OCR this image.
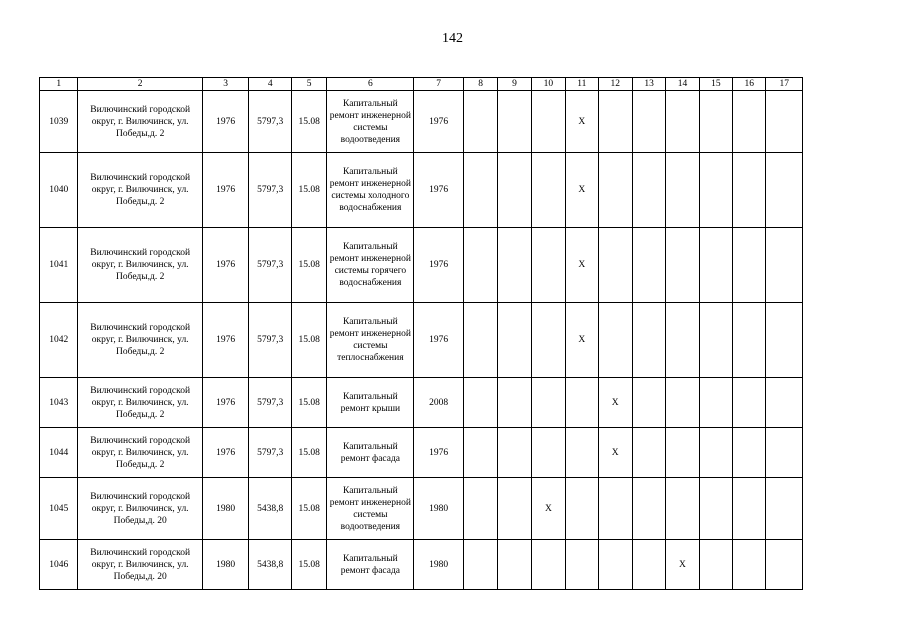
142
1	2	3	4	5	6	7	8	9	10	11	12	13	14	15	16	17
1039	Вилючинский городской округ, г. Вилючинск, ул. Победы,д. 2	1976	5797,3	15.08	Капитальный ремонт инженерной системы водоотведения	1976				X						
1040	Вилючинский городской округ, г. Вилючинск, ул. Победы,д. 2	1976	5797,3	15.08	Капитальный ремонт инженерной системы холодного водоснабжения	1976				X						
1041	Вилючинский городской округ, г. Вилючинск, ул. Победы,д. 2	1976	5797,3	15.08	Капитальный ремонт инженерной системы горячего водоснабжения	1976				X						
1042	Вилючинский городской округ, г. Вилючинск, ул. Победы,д. 2	1976	5797,3	15.08	Капитальный ремонт инженерной системы теплоснабжения	1976				X						
1043	Вилючинский городской округ, г. Вилючинск, ул. Победы,д. 2	1976	5797,3	15.08	Капитальный ремонт крыши	2008					X					
1044	Вилючинский городской округ, г. Вилючинск, ул. Победы,д. 2	1976	5797,3	15.08	Капитальный ремонт фасада	1976					X					
1045	Вилючинский городской округ, г. Вилючинск, ул. Победы,д. 20	1980	5438,8	15.08	Капитальный ремонт инженерной системы водоотведения	1980			X							
1046	Вилючинский городской округ, г. Вилючинск, ул. Победы,д. 20	1980	5438,8	15.08	Капитальный ремонт фасада	1980							X			
